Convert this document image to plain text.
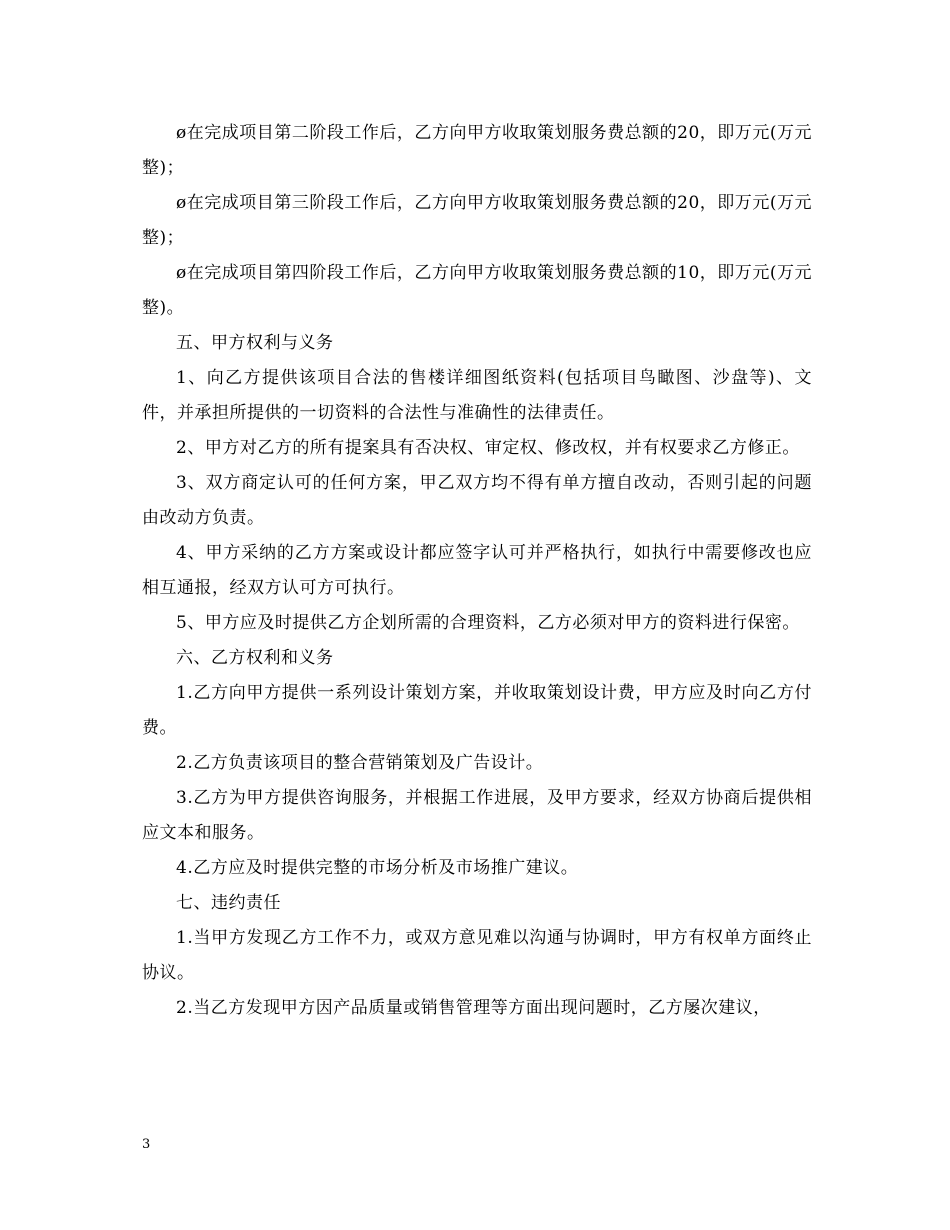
ø在完成项目第二阶段工作后，乙方向甲方收取策划服务费总额的20，即万元(万元整)；

ø在完成项目第三阶段工作后，乙方向甲方收取策划服务费总额的20，即万元(万元整)；

ø在完成项目第四阶段工作后，乙方向甲方收取策划服务费总额的10，即万元(万元整)。

五、甲方权利与义务

1、向乙方提供该项目合法的售楼详细图纸资料(包括项目鸟瞰图、沙盘等)、文件，并承担所提供的一切资料的合法性与准确性的法律责任。

2、甲方对乙方的所有提案具有否决权、审定权、修改权，并有权要求乙方修正。

3、双方商定认可的任何方案，甲乙双方均不得有单方擅自改动，否则引起的问题由改动方负责。

4、甲方采纳的乙方方案或设计都应签字认可并严格执行，如执行中需要修改也应相互通报，经双方认可方可执行。

5、甲方应及时提供乙方企划所需的合理资料，乙方必须对甲方的资料进行保密。

六、乙方权利和义务

1.乙方向甲方提供一系列设计策划方案，并收取策划设计费，甲方应及时向乙方付费。

2.乙方负责该项目的整合营销策划及广告设计。

3.乙方为甲方提供咨询服务，并根据工作进展，及甲方要求，经双方协商后提供相应文本和服务。

4.乙方应及时提供完整的市场分析及市场推广建议。

七、违约责任

1.当甲方发现乙方工作不力，或双方意见难以沟通与协调时，甲方有权单方面终止协议。

2.当乙方发现甲方因产品质量或销售管理等方面出现问题时，乙方屡次建议，

3
